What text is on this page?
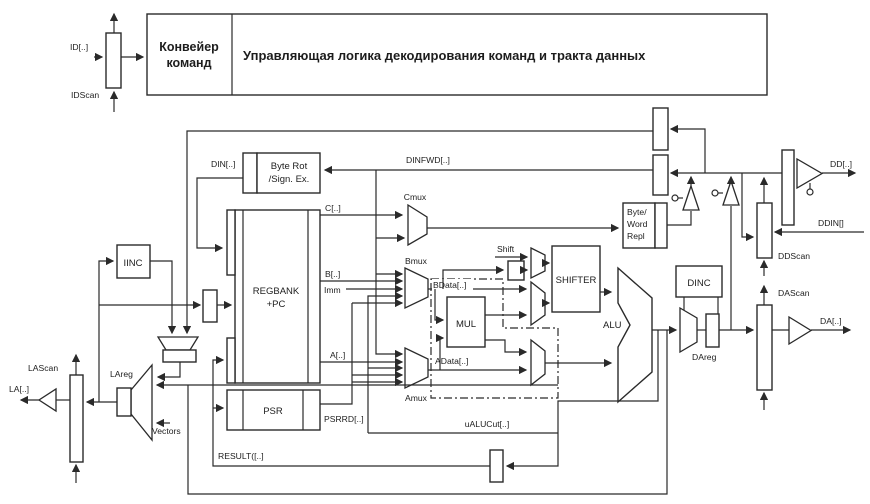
ID[..]
IDScan
Конвейер
команд Управляющая логика декодирования команд и тракта данных
DINFWD[..]
Byte Rot
/Sign. Ex.
DIN[..]
REGBANK
+PC
PSR
PSRRD[..]
C[..]
B[..]
Imm
A[..]
Cmux
Bmux
Amux
BData[..]
Shift
MUL
AData[..]
SHIFTER
ALU
uALUCut[..]
RESULT([..]
DINC
DAreg
Byte/
Word
Repl
DDScan
DDIN[]
DD[..]
DAScan
DA[..]
IINC
LAreg
Vectors
LAScan
LA[..]
